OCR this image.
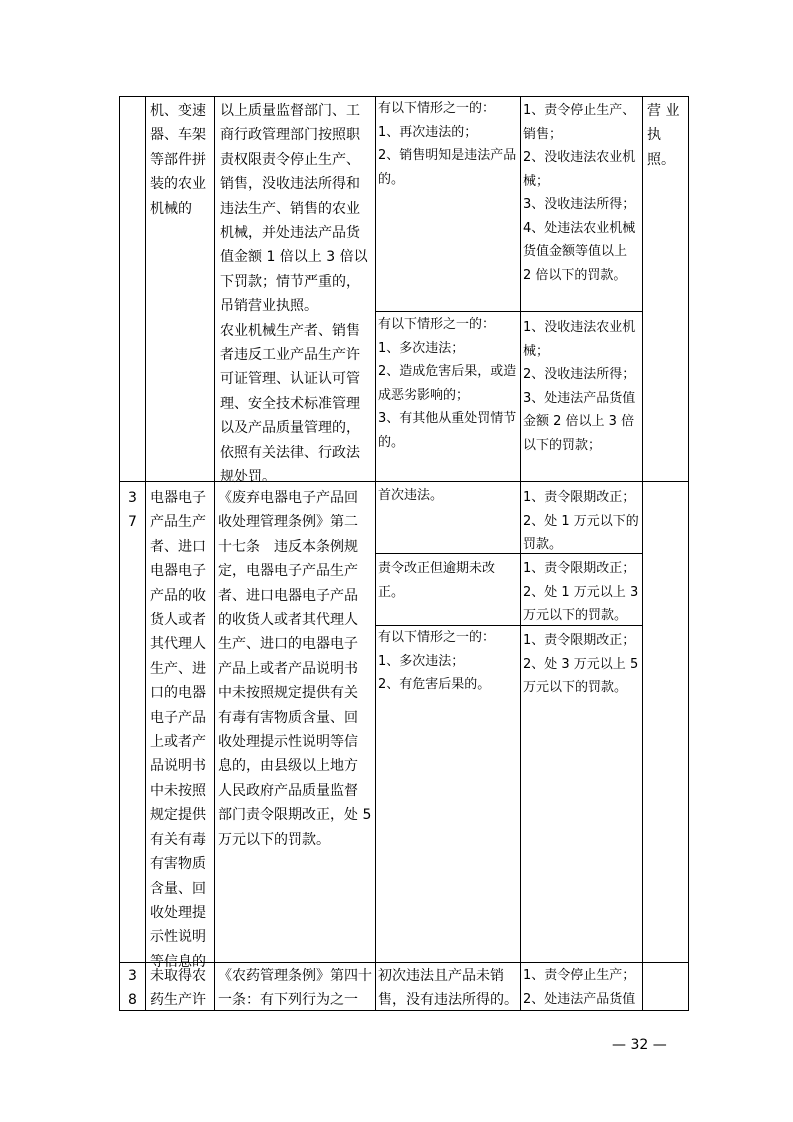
机、变速
器、车架
等部件拼
装的农业
机械的
以上质量监督部门、工
商行政管理部门按照职
责权限责令停止生产、
销售，没收违法所得和
违法生产、销售的农业
机械，并处违法产品货
值金额 1 倍以上 3 倍以
下罚款；情节严重的，
吊销营业执照。
农业机械生产者、销售
者违反工业产品生产许
可证管理、认证认可管
理、安全技术标准管理
以及产品质量管理的，
依照有关法律、行政法
规处罚。
有以下情形之一的：
1、再次违法的；
2、销售明知是违法产品
的。
1、责令停止生产、
销售；
2、没收违法农业机
械；
3、没收违法所得；
4、处违法农业机械
货值金额等值以上
2 倍以下的罚款。
有以下情形之一的：
1、多次违法；
2、造成危害后果，或造
成恶劣影响的；
3、有其他从重处罚情节
的。
1、没收违法农业机
械；
2、没收违法所得；
3、处违法产品货值
金额 2 倍以上 3 倍
以下的罚款；
营 业
执
照。
3
7
电器电子
产品生产
者、进口
电器电子
产品的收
货人或者
其代理人
生产、进
口的电器
电子产品
上或者产
品说明书
中未按照
规定提供
有关有毒
有害物质
含量、回
收处理提
示性说明
等信息的
《废弃电器电子产品回
收处理管理条例》第二
十七条　违反本条例规
定，电器电子产品生产
者、进口电器电子产品
的收货人或者其代理人
生产、进口的电器电子
产品上或者产品说明书
中未按照规定提供有关
有毒有害物质含量、回
收处理提示性说明等信
息的，由县级以上地方
人民政府产品质量监督
部门责令限期改正，处 5
万元以下的罚款。
首次违法。	1、责令限期改正；
2、处 1 万元以下的
罚款。
责令改正但逾期未改
正。
1、责令限期改正；
2、处 1 万元以上 3
万元以下的罚款。
有以下情形之一的：
1、多次违法；
2、有危害后果的。
1、责令限期改正；
2、处 3 万元以上 5
万元以下的罚款。
3
8
未取得农
药生产许
《农药管理条例》第四十
一条：有下列行为之一
初次违法且产品未销
售，没有违法所得的。
1、责令停止生产；
2、处违法产品货值
— 32 —
